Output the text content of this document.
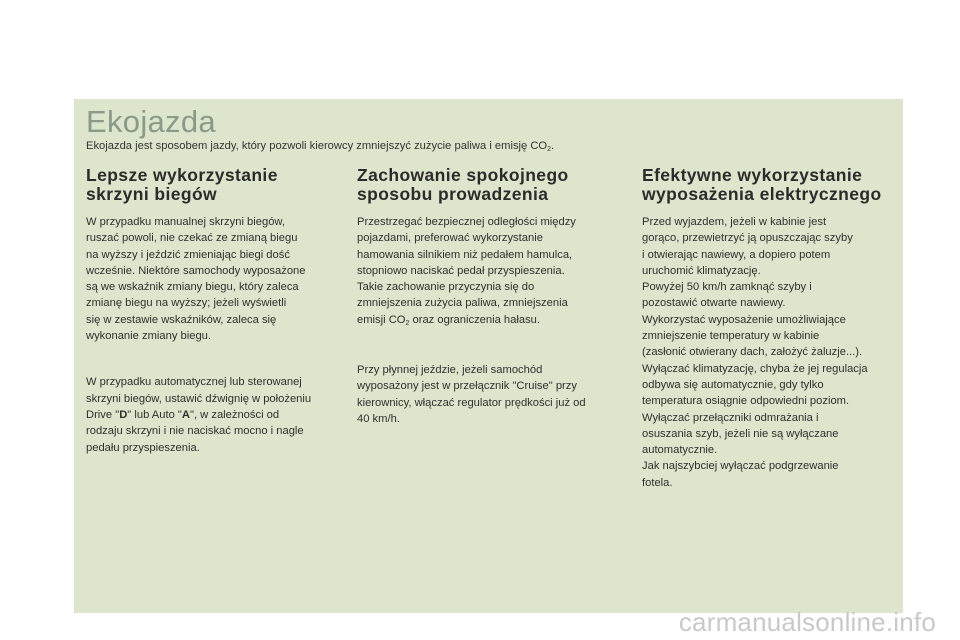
Ekojazda

Ekojazda jest sposobem jazdy, który pozwoli kierowcy zmniejszyć zużycie paliwa i emisję $CO_2$.

Lepsze wykorzystanie
skrzyni biegów

W przypadku manualnej skrzyni biegów,
ruszać powoli, nie czekać ze zmianą biegu
na wyższy i jeździć zmieniając biegi dość
wcześnie. Niektóre samochody wyposażone
są we wskaźnik zmiany biegu, który zaleca
zmianę biegu na wyższy; jeżeli wyświetli
się w zestawie wskaźników, zaleca się
wykonanie zmiany biegu.

W przypadku automatycznej lub sterowanej
skrzyni biegów, ustawić dźwignię w położeniu
Drive "D" lub Auto "A", w zależności od
rodzaju skrzyni i nie naciskać mocno i nagle
pedału przyspieszenia.

Zachowanie spokojnego
sposobu prowadzenia

Przestrzegać bezpiecznej odległości między
pojazdami, preferować wykorzystanie
hamowania silnikiem niż pedałem hamulca,
stopniowo naciskać pedał przyspieszenia.
Takie zachowanie przyczynia się do
zmniejszenia zużycia paliwa, zmniejszenia
emisji $CO_2$ oraz ograniczenia hałasu.

Przy płynnej jeździe, jeżeli samochód
wyposażony jest w przełącznik "Cruise" przy
kierownicy, włączać regulator prędkości już od
40 km/h.

Efektywne wykorzystanie
wyposażenia elektrycznego

Przed wyjazdem, jeżeli w kabinie jest
gorąco, przewietrzyć ją opuszczając szyby
i otwierając nawiewy, a dopiero potem
uruchomić klimatyzację.
Powyżej 50 km/h zamknąć szyby i
pozostawić otwarte nawiewy.
Wykorzystać wyposażenie umożliwiające
zmniejszenie temperatury w kabinie
(zasłonić otwierany dach, założyć żaluzje...).
Wyłączać klimatyzację, chyba że jej regulacja
odbywa się automatycznie, gdy tylko
temperatura osiągnie odpowiedni poziom.
Wyłączać przełączniki odmrażania i
osuszania szyb, jeżeli nie są wyłączane
automatycznie.
Jak najszybciej wyłączać podgrzewanie
fotela.

carmanualsonline.info
